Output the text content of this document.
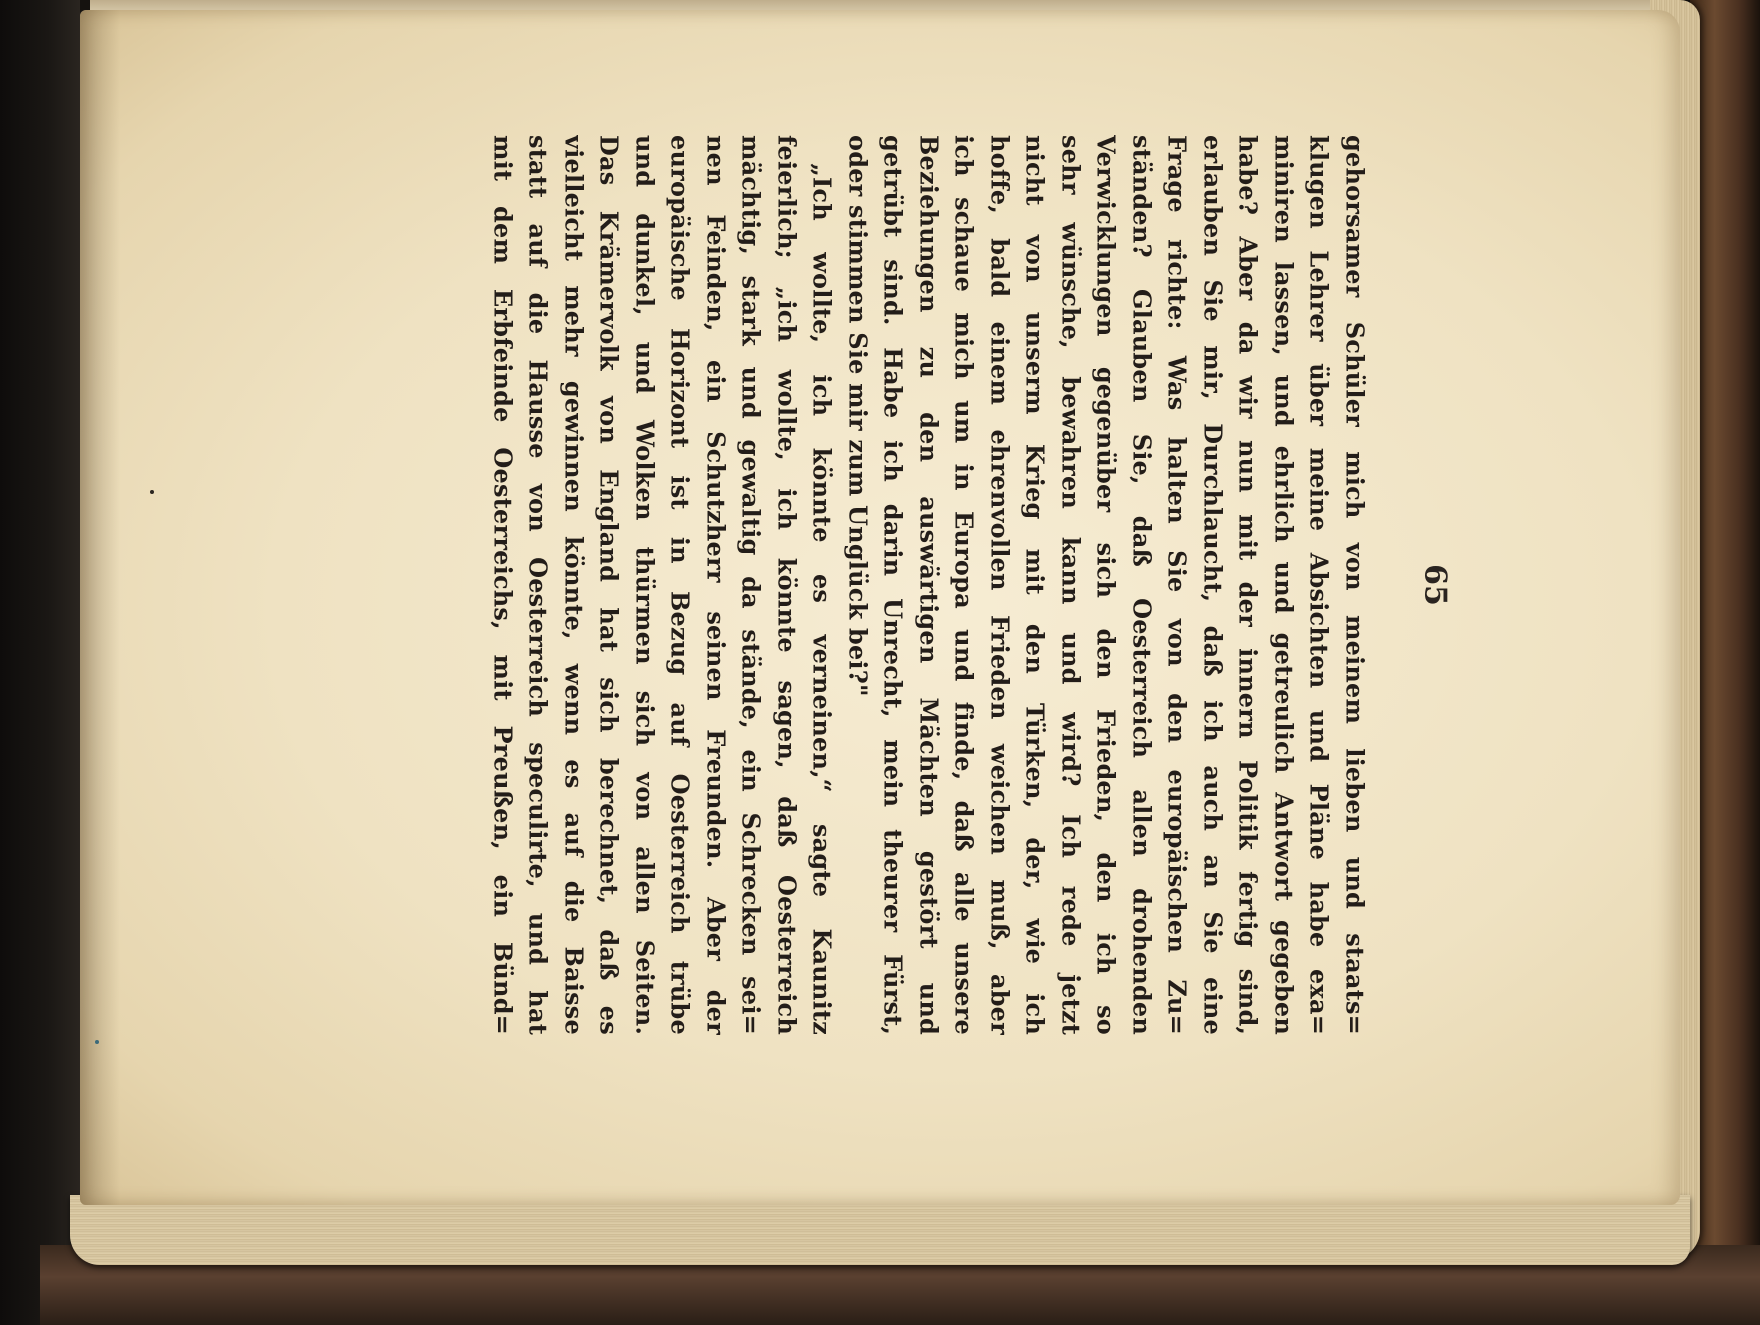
65
gehorsamer Schüler mich von meinem lieben und staats=
klugen Lehrer über meine Absichten und Pläne habe exa=
miniren lassen, und ehrlich und getreulich Antwort gegeben
habe? Aber da wir nun mit der innern Politik fertig sind,
erlauben Sie mir, Durchlaucht, daß ich auch an Sie eine
Frage richte: Was halten Sie von den europäischen Zu=
ständen? Glauben Sie, daß Oesterreich allen drohenden
Verwicklungen gegenüber sich den Frieden, den ich so
sehr wünsche, bewahren kann und wird? Ich rede jetzt
nicht von unserm Krieg mit den Türken, der, wie ich
hoffe, bald einem ehrenvollen Frieden weichen muß, aber
ich schaue mich um in Europa und finde, daß alle unsere
Beziehungen zu den auswärtigen Mächten gestört und
getrübt sind. Habe ich darin Unrecht, mein theurer Fürst,
oder stimmen Sie mir zum Unglück bei?"
„Ich wollte, ich könnte es verneinen,“ sagte Kaunitz
feierlich; „ich wollte, ich könnte sagen, daß Oesterreich
mächtig, stark und gewaltig da stände, ein Schrecken sei=
nen Feinden, ein Schutzherr seinen Freunden. Aber der
europäische Horizont ist in Bezug auf Oesterreich trübe
und dunkel, und Wolken thürmen sich von allen Seiten.
Das Krämervolk von England hat sich berechnet, daß es
vielleicht mehr gewinnen könnte, wenn es auf die Baisse
statt auf die Hausse von Oesterreich speculirte, und hat
mit dem Erbfeinde Oesterreichs, mit Preußen, ein Bünd=
